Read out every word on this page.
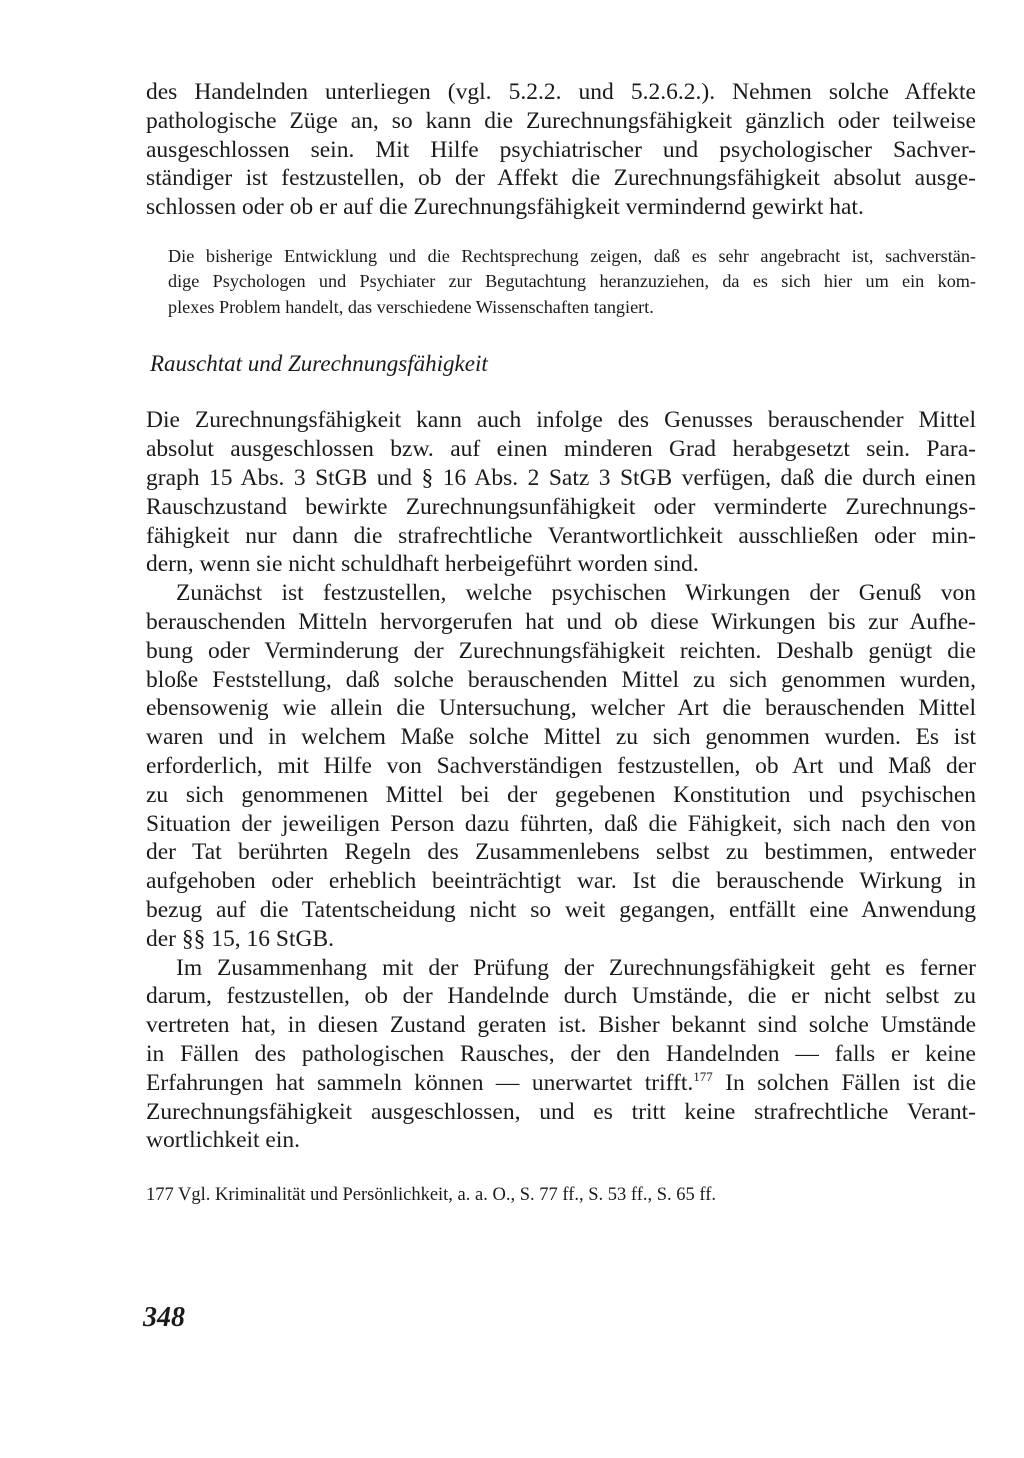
des Handelnden unterliegen (vgl. 5.2.2. und 5.2.6.2.). Nehmen solche Affekte
pathologische Züge an, so kann die Zurechnungsfähigkeit gänzlich oder teilweise
ausgeschlossen sein. Mit Hilfe psychiatrischer und psychologischer Sachver-
ständiger ist festzustellen, ob der Affekt die Zurechnungsfähigkeit absolut ausge-
schlossen oder ob er auf die Zurechnungsfähigkeit vermindernd gewirkt hat.

Die bisherige Entwicklung und die Rechtsprechung zeigen, daß es sehr angebracht ist, sachverstän-
dige Psychologen und Psychiater zur Begutachtung heranzuziehen, da es sich hier um ein kom-
plexes Problem handelt, das verschiedene Wissenschaften tangiert.
Rauschtat und Zurechnungsfähigkeit

Die Zurechnungsfähigkeit kann auch infolge des Genusses berauschender Mittel
absolut ausgeschlossen bzw. auf einen minderen Grad herabgesetzt sein. Para-
graph 15 Abs. 3 StGB und § 16 Abs. 2 Satz 3 StGB verfügen, daß die durch einen
Rauschzustand bewirkte Zurechnungsunfähigkeit oder verminderte Zurechnungs-
fähigkeit nur dann die strafrechtliche Verantwortlichkeit ausschließen oder min-
dern, wenn sie nicht schuldhaft herbeigeführt worden sind.

Zunächst ist festzustellen, welche psychischen Wirkungen der Genuß von
berauschenden Mitteln hervorgerufen hat und ob diese Wirkungen bis zur Aufhe-
bung oder Verminderung der Zurechnungsfähigkeit reichten. Deshalb genügt die
bloße Feststellung, daß solche berauschenden Mittel zu sich genommen wurden,
ebensowenig wie allein die Untersuchung, welcher Art die berauschenden Mittel
waren und in welchem Maße solche Mittel zu sich genommen wurden. Es ist
erforderlich, mit Hilfe von Sachverständigen festzustellen, ob Art und Maß der
zu sich genommenen Mittel bei der gegebenen Konstitution und psychischen
Situation der jeweiligen Person dazu führten, daß die Fähigkeit, sich nach den von
der Tat berührten Regeln des Zusammenlebens selbst zu bestimmen, entweder
aufgehoben oder erheblich beeinträchtigt war. Ist die berauschende Wirkung in
bezug auf die Tatentscheidung nicht so weit gegangen, entfällt eine Anwendung
der §§ 15, 16 StGB.

Im Zusammenhang mit der Prüfung der Zurechnungsfähigkeit geht es ferner
darum, festzustellen, ob der Handelnde durch Umstände, die er nicht selbst zu
vertreten hat, in diesen Zustand geraten ist. Bisher bekannt sind solche Umstände
in Fällen des pathologischen Rausches, der den Handelnden — falls er keine
Erfahrungen hat sammeln können — unerwartet trifft.$^{177}$ In solchen Fällen ist die
Zurechnungsfähigkeit ausgeschlossen, und es tritt keine strafrechtliche Verant-
wortlichkeit ein.

177 Vgl. Kriminalität und Persönlichkeit, a. a. O., S. 77 ff., S. 53 ff., S. 65 ff.
348
